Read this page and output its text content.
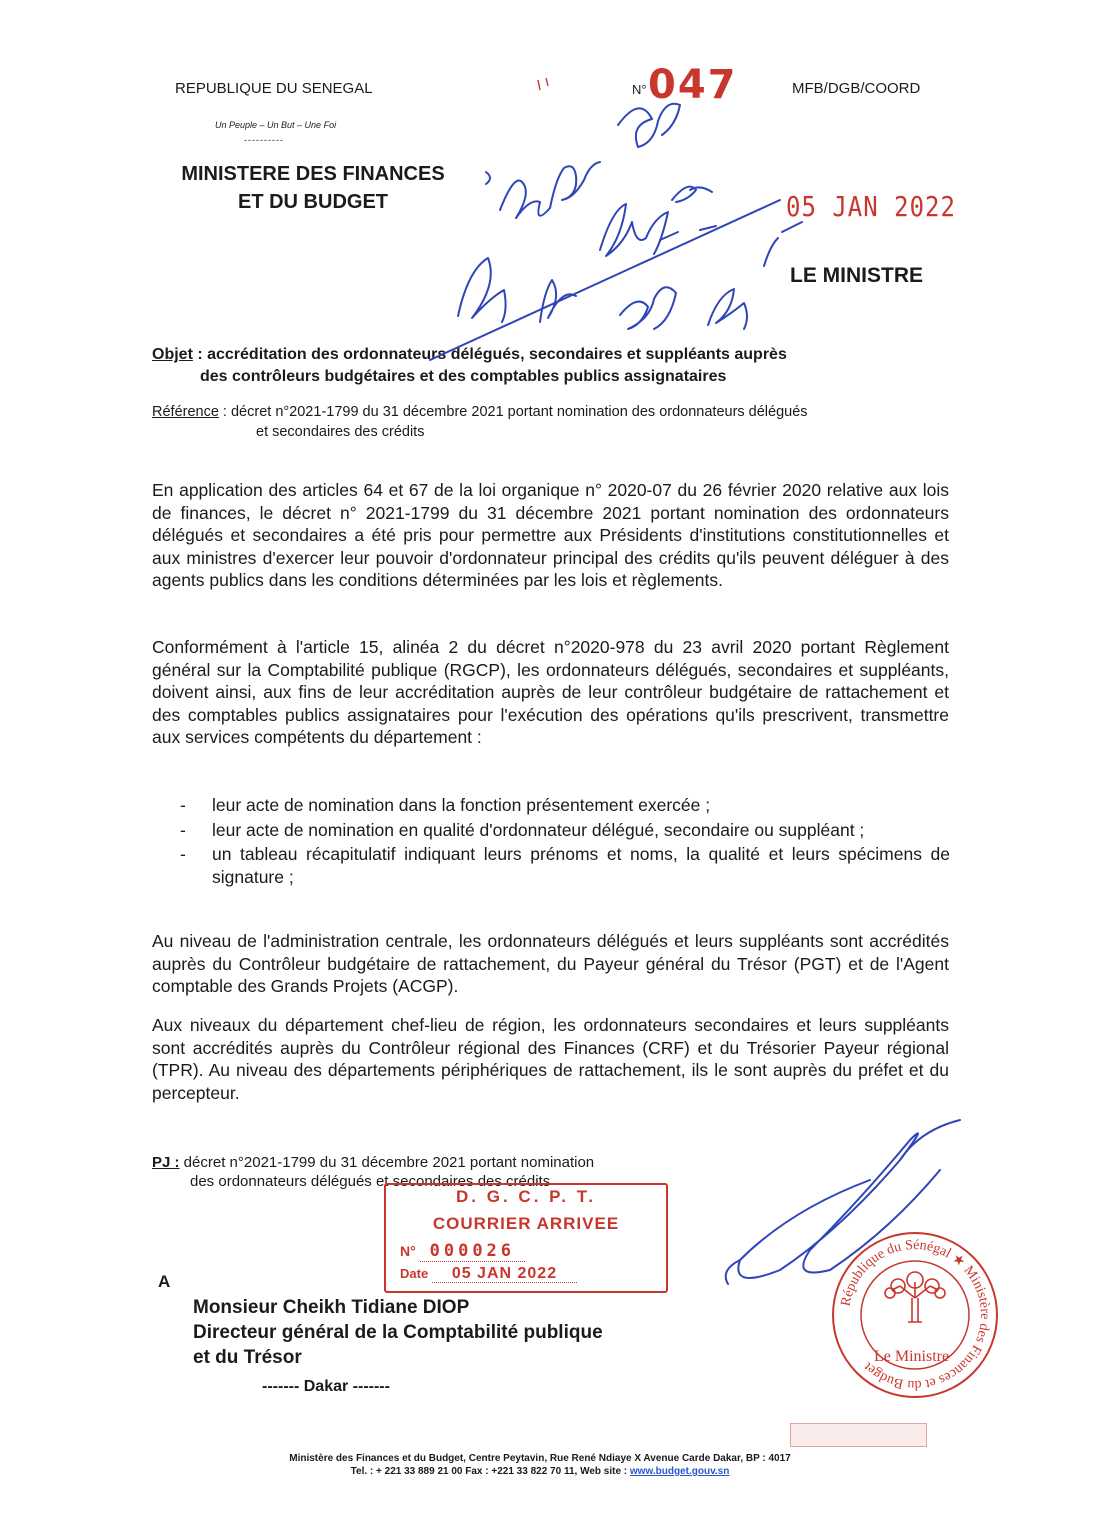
REPUBLIQUE DU SENEGAL
Un Peuple – Un But – Une Foi
----------
MINISTERE DES FINANCES
ET DU BUDGET
N° 047	MFB/DGB/COORD
05 JAN 2022
LE MINISTRE
Objet : accréditation des ordonnateurs délégués, secondaires et suppléants auprès
des contrôleurs budgétaires et des comptables publics assignataires
Référence : décret n°2021-1799 du 31 décembre 2021 portant nomination des ordonnateurs délégués
et secondaires des crédits
En application des articles 64 et 67 de la loi organique n° 2020-07 du 26 février 2020 relative aux lois de finances, le décret n° 2021-1799 du 31 décembre 2021 portant nomination des ordonnateurs délégués et secondaires a été pris pour permettre aux Présidents d'institutions constitutionnelles et aux ministres d'exercer leur pouvoir d'ordonnateur principal des crédits qu'ils peuvent déléguer à des agents publics dans les conditions déterminées par les lois et règlements.
Conformément à l'article 15, alinéa 2 du décret n°2020-978 du 23 avril 2020 portant Règlement général sur la Comptabilité publique (RGCP), les ordonnateurs délégués, secondaires et suppléants, doivent ainsi, aux fins de leur accréditation auprès de leur contrôleur budgétaire de rattachement et des comptables publics assignataires pour l'exécution des opérations qu'ils prescrivent, transmettre aux services compétents du département :
-	leur acte de nomination dans la fonction présentement exercée ;
-	leur acte de nomination en qualité d'ordonnateur délégué, secondaire ou suppléant ;
-	un tableau récapitulatif indiquant leurs prénoms et noms, la qualité et leurs spécimens de signature ;
Au niveau de l'administration centrale, les ordonnateurs délégués et leurs suppléants sont accrédités auprès du Contrôleur budgétaire de rattachement, du Payeur général du Trésor (PGT) et de l'Agent comptable des Grands Projets (ACGP).
Aux niveaux du département chef-lieu de région, les ordonnateurs secondaires et leurs suppléants sont accrédités auprès du Contrôleur régional des Finances (CRF) et du Trésorier Payeur régional (TPR). Au niveau des départements périphériques de rattachement, ils le sont auprès du préfet et du percepteur.
PJ : décret n°2021-1799 du 31 décembre 2021 portant nomination
des ordonnateurs délégués et secondaires des crédits
D. G. C. P. T.
COURRIER ARRIVEE
N° 000026
Date 05 JAN 2022
A
Monsieur Cheikh Tidiane DIOP
Directeur général de la Comptabilité publique
et du Trésor
------- Dakar -------
République du Sénégal ★ Ministère des Finances et du Budget
Le Ministre
Ministère des Finances et du Budget, Centre Peytavin, Rue René Ndiaye X Avenue Carde Dakar, BP : 4017
Tel. : + 221 33 889 21 00 Fax : +221 33 822 70 11, Web site : www.budget.gouv.sn
